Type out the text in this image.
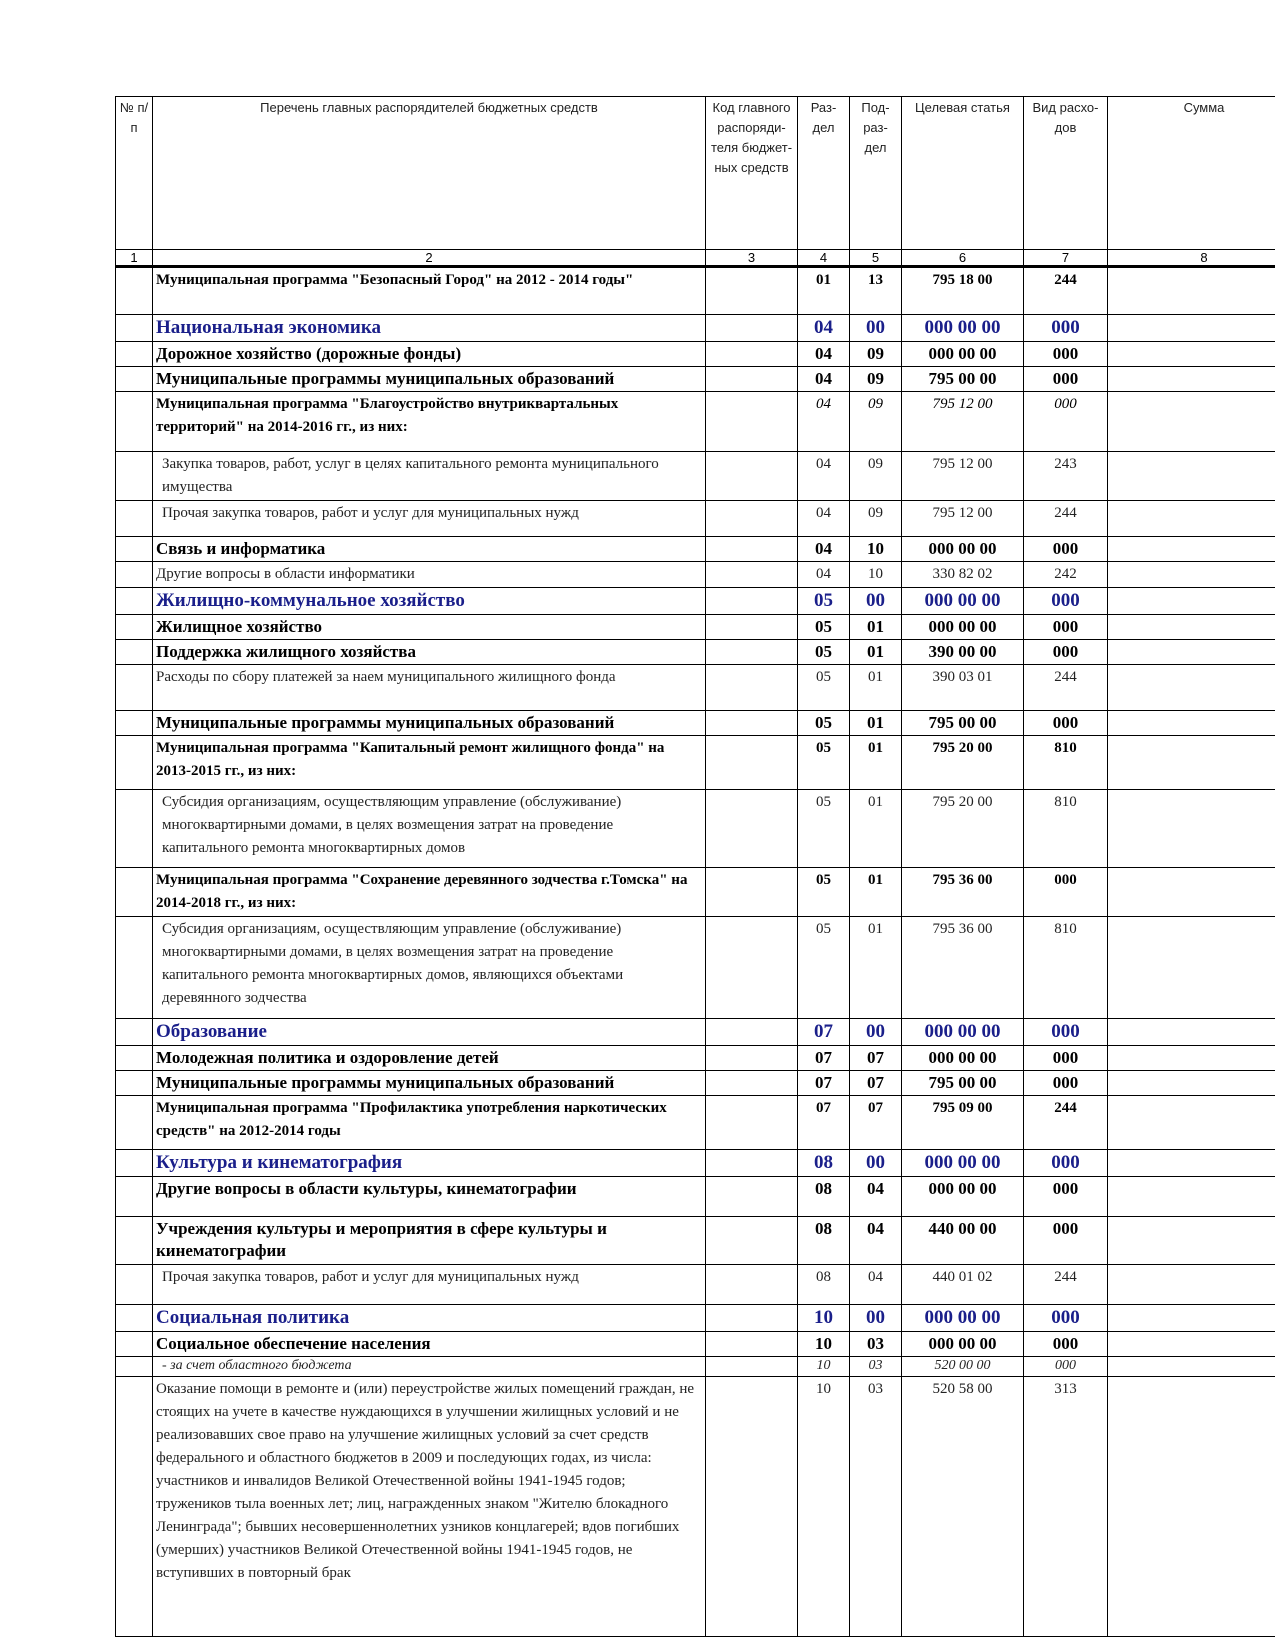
№ п/п	Перечень главных распорядителей бюджетных средств	Код главного распоряди-теля бюджет-ных средств	Раз-дел	Под-раз-дел	Целевая статья	Вид расхо-дов	Сумма
1	2	3	4	5	6	7	8
	Муниципальная программа "Безопасный Город" на 2012 - 2014 годы"		01	13	795 18 00	244	
	Национальная экономика		04	00	000 00 00	000	
	Дорожное хозяйство (дорожные фонды)		04	09	000 00 00	000	
	Муниципальные программы муниципальных образований		04	09	795 00 00	000	
	Муниципальная программа "Благоустройство внутриквартальных территорий" на 2014-2016 гг., из них:		04	09	795 12 00	000	
	Закупка товаров, работ, услуг в целях капитального ремонта муниципального имущества		04	09	795 12 00	243	
	Прочая закупка товаров, работ и услуг для муниципальных нужд		04	09	795 12 00	244	
	Связь и информатика		04	10	000 00 00	000	
	Другие вопросы в области информатики		04	10	330 82 02	242	
	Жилищно-коммунальное хозяйство		05	00	000 00 00	000	
	Жилищное хозяйство		05	01	000 00 00	000	
	Поддержка жилищного хозяйства		05	01	390 00 00	000	
	Расходы по сбору платежей за наем муниципального жилищного фонда		05	01	390 03 01	244	
	Муниципальные программы муниципальных образований		05	01	795 00 00	000	
	Муниципальная программа "Капитальный ремонт жилищного фонда" на 2013-2015 гг., из них:		05	01	795 20 00	810	
	Субсидия организациям, осуществляющим управление (обслуживание) многоквартирными домами, в целях возмещения затрат на проведение капитального ремонта многоквартирных домов		05	01	795 20 00	810	
	Муниципальная программа "Сохранение деревянного зодчества г.Томска" на 2014-2018 гг., из них:		05	01	795 36 00	000	
	Субсидия организациям, осуществляющим управление (обслуживание) многоквартирными домами, в целях возмещения затрат на проведение капитального ремонта многоквартирных домов, являющихся объектами деревянного зодчества		05	01	795 36 00	810	
	Образование		07	00	000 00 00	000	
	Молодежная политика и оздоровление детей		07	07	000 00 00	000	
	Муниципальные программы муниципальных образований		07	07	795 00 00	000	
	Муниципальная программа "Профилактика употребления наркотических средств" на 2012-2014 годы		07	07	795 09 00	244	
	Культура и кинематография		08	00	000 00 00	000	
	Другие вопросы в области культуры, кинематографии		08	04	000 00 00	000	
	Учреждения культуры и мероприятия в сфере культуры и кинематографии		08	04	440 00 00	000	
	Прочая закупка товаров, работ и услуг для муниципальных нужд		08	04	440 01 02	244	
	Социальная политика		10	00	000 00 00	000	
	Социальное обеспечение населения		10	03	000 00 00	000	
	- за счет областного бюджета		10	03	520 00 00	000	
	Оказание помощи в ремонте и (или) переустройстве жилых помещений граждан, не стоящих на учете в качестве нуждающихся в улучшении жилищных условий и не реализовавших свое право на улучшение жилищных условий за счет средств федерального и областного бюджетов в 2009 и последующих годах, из числа: участников и инвалидов Великой Отечественной войны 1941-1945 годов; тружеников тыла военных лет; лиц, награжденных знаком "Жителю блокадного Ленинграда"; бывших несовершеннолетних узников концлагерей; вдов погибших (умерших) участников Великой Отечественной войны 1941-1945 годов, не вступивших в повторный брак		10	03	520 58 00	313	
